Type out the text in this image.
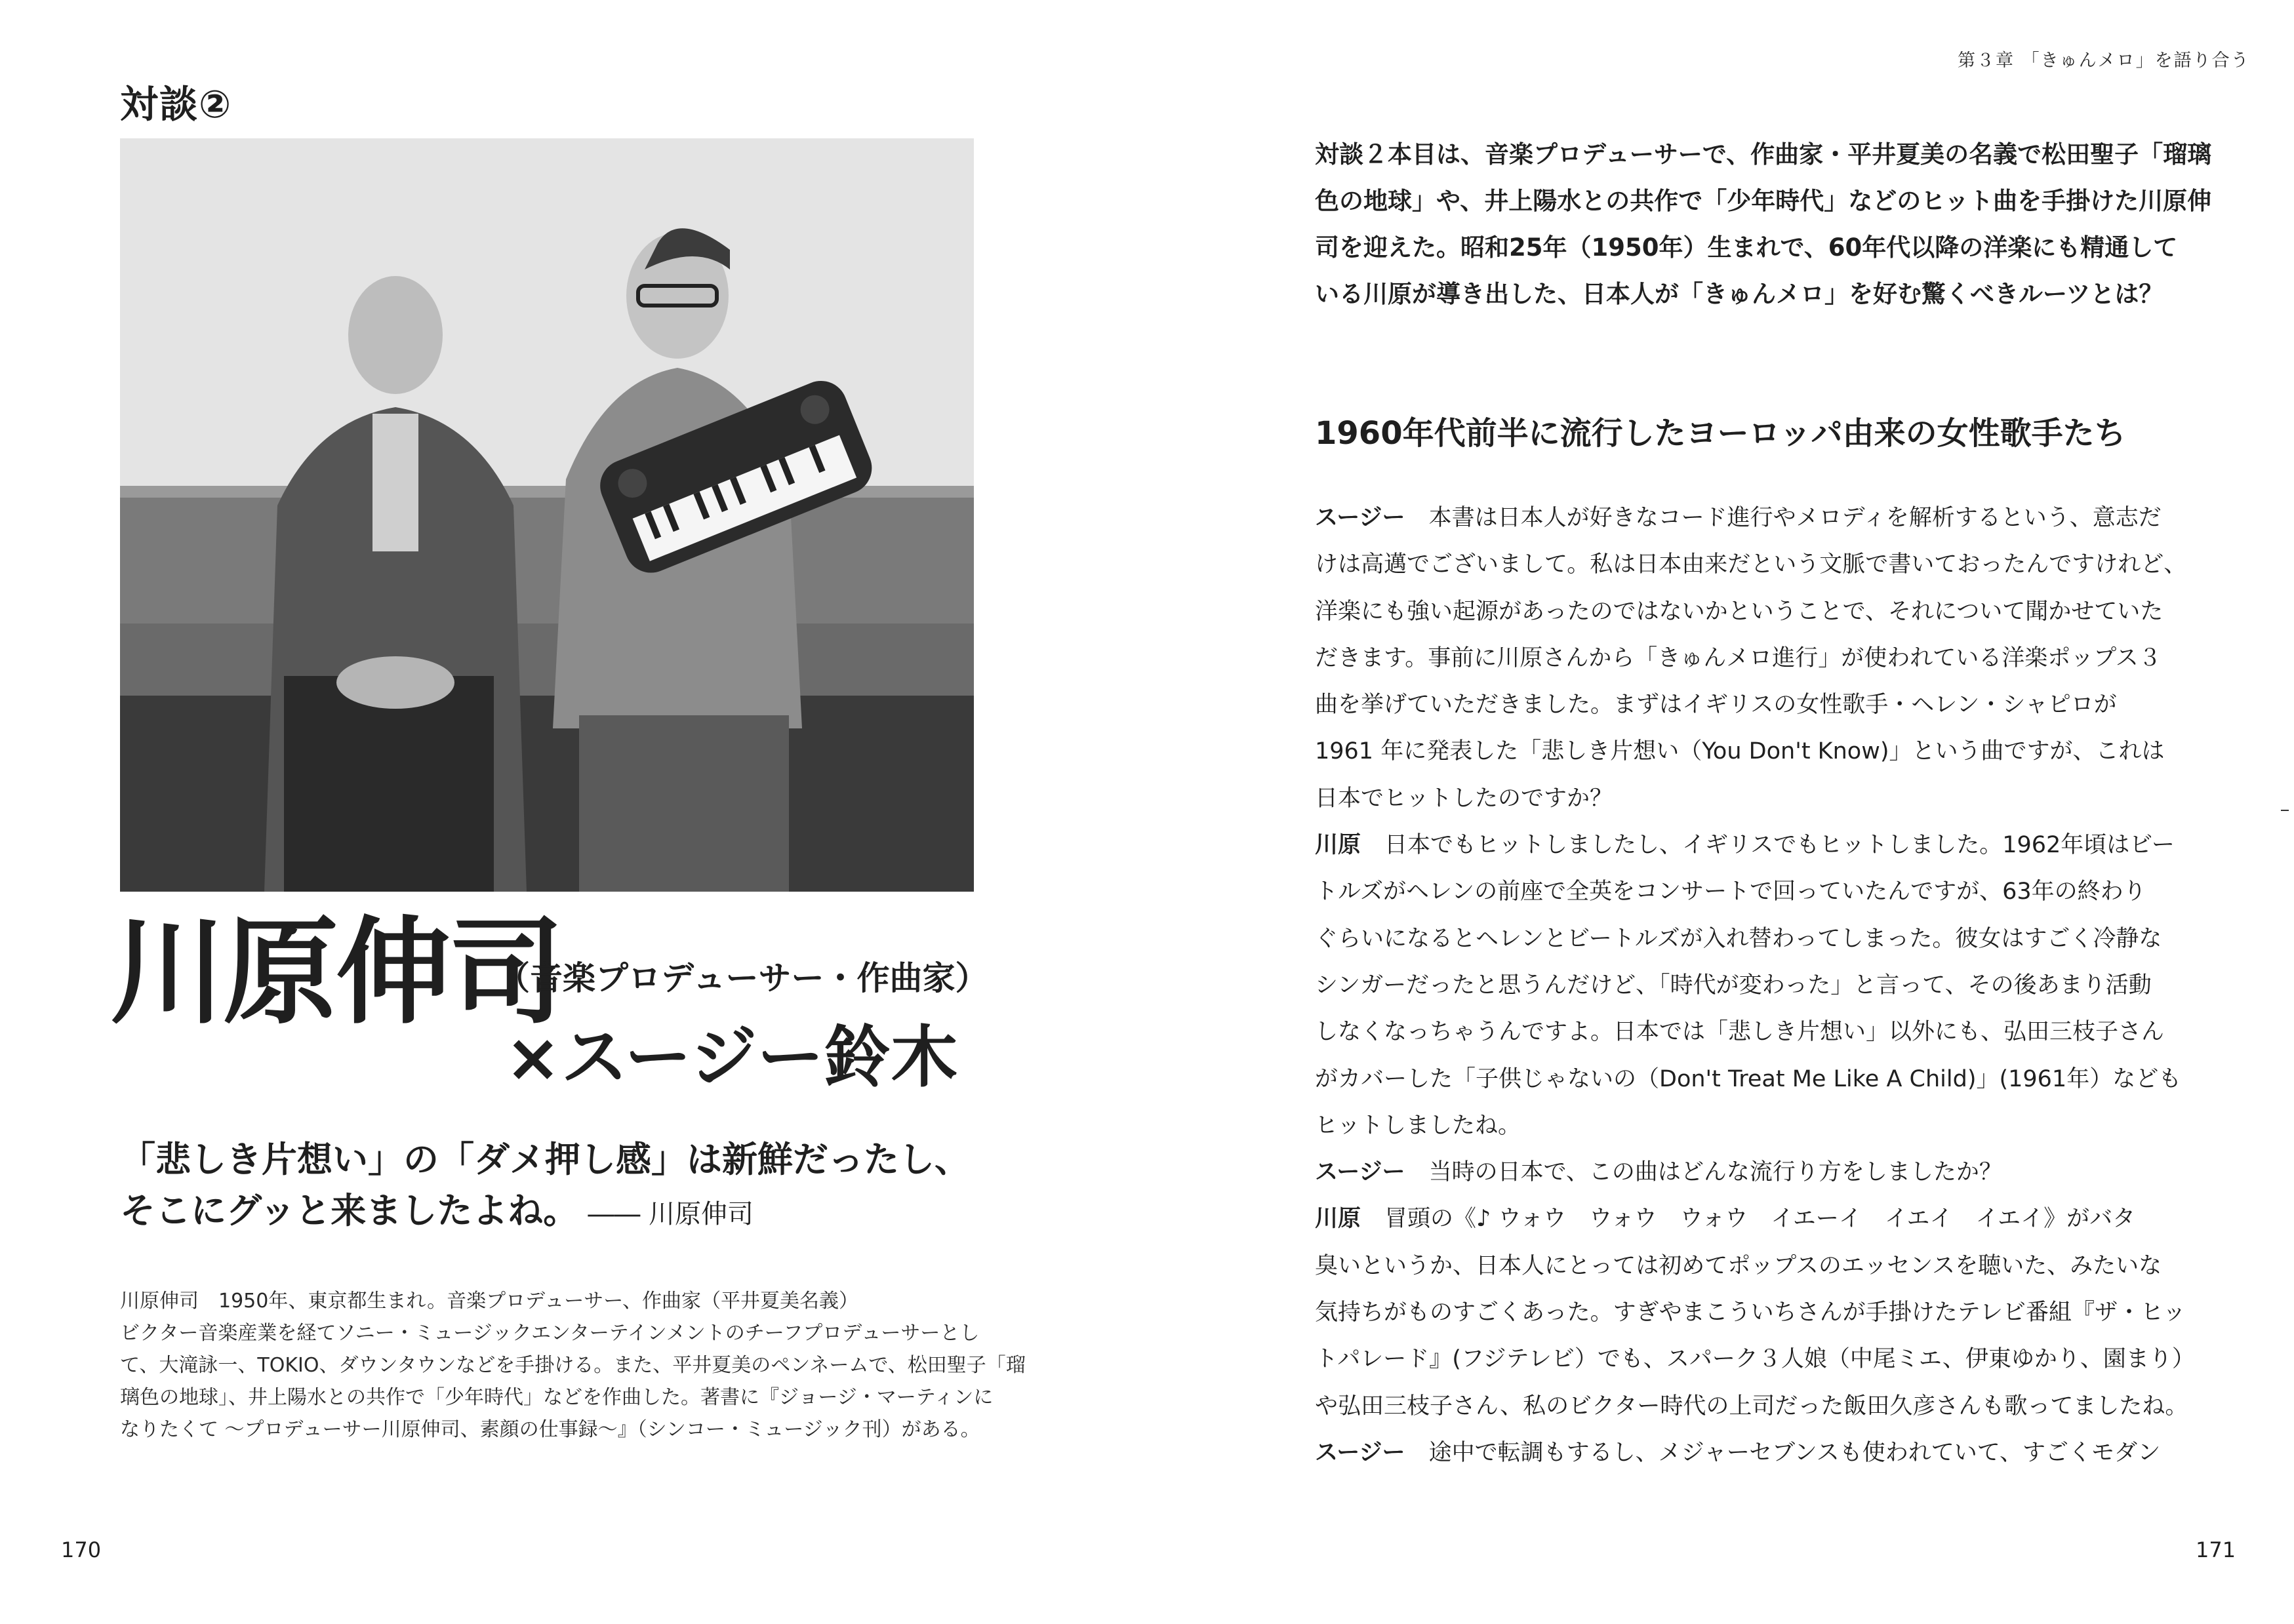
対談②
川原伸司
（音楽プロデューサー・作曲家）
×スージー鈴木
「悲しき片想い」の「ダメ押し感」は新鮮だったし、
そこにグッと来ましたよね。 ―― 川原伸司
川原伸司　1950年、東京都生まれ。音楽プロデューサー、作曲家（平井夏美名義）
ビクター音楽産業を経てソニー・ミュージックエンターテインメントのチーフプロデューサーとし
て、大滝詠一、TOKIO、ダウンタウンなどを手掛ける。また、平井夏美のペンネームで、松田聖子「瑠
璃色の地球」、井上陽水との共作で「少年時代」などを作曲した。著書に『ジョージ・マーティンに
なりたくて 〜プロデューサー川原伸司、素顔の仕事録〜』（シンコー・ミュージック刊）がある。
170
第３章 「きゅんメロ」を語り合う
対談２本目は、音楽プロデューサーで、作曲家・平井夏美の名義で松田聖子「瑠璃
色の地球」や、井上陽水との共作で「少年時代」などのヒット曲を手掛けた川原伸
司を迎えた。昭和25年（1950年）生まれで、60年代以降の洋楽にも精通して
いる川原が導き出した、日本人が「きゅんメロ」を好む驚くべきルーツとは？
1960年代前半に流行したヨーロッパ由来の女性歌手たち
スージー 本書は日本人が好きなコード進行やメロディを解析するという、意志だ
けは高邁でございまして。私は日本由来だという文脈で書いておったんですけれど、
洋楽にも強い起源があったのではないかということで、それについて聞かせていた
だきます。事前に川原さんから「きゅんメロ進行」が使われている洋楽ポップス３
曲を挙げていただきました。まずはイギリスの女性歌手・ヘレン・シャピロが
1961 年に発表した「悲しき片想い（You Don't Know)」という曲ですが、これは
日本でヒットしたのですか？
川原 日本でもヒットしましたし、イギリスでもヒットしました。1962年頃はビー
トルズがヘレンの前座で全英をコンサートで回っていたんですが、63年の終わり
ぐらいになるとヘレンとビートルズが入れ替わってしまった。彼女はすごく冷静な
シンガーだったと思うんだけど、「時代が変わった」と言って、その後あまり活動
しなくなっちゃうんですよ。日本では「悲しき片想い」以外にも、弘田三枝子さん
がカバーした「子供じゃないの（Don't Treat Me Like A Child)」(1961年）なども
ヒットしましたね。
スージー 当時の日本で、この曲はどんな流行り方をしましたか？
川原 冒頭の《♪ ウォウ　ウォウ　ウォウ　イエーイ　イエイ　イエイ》がバタ
臭いというか、日本人にとっては初めてポップスのエッセンスを聴いた、みたいな
気持ちがものすごくあった。すぎやまこういちさんが手掛けたテレビ番組『ザ・ヒッ
トパレード』(フジテレビ）でも、スパーク３人娘（中尾ミエ、伊東ゆかり、園まり）
や弘田三枝子さん、私のビクター時代の上司だった飯田久彦さんも歌ってましたね。
スージー 途中で転調もするし、メジャーセブンスも使われていて、すごくモダン
171
